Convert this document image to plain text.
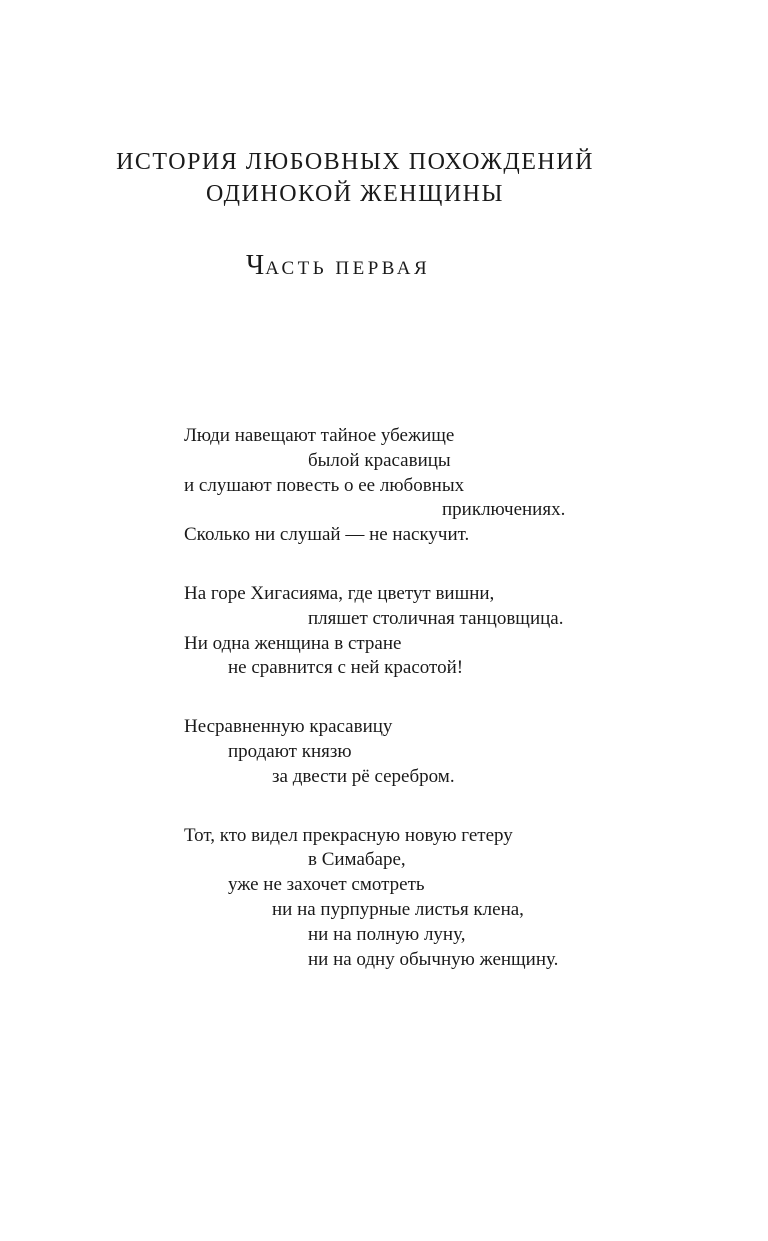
ИСТОРИЯ ЛЮБОВНЫХ ПОХОЖДЕНИЙ
ОДИНОКОЙ ЖЕНЩИНЫ
ЧАСТЬ ПЕРВАЯ
Люди навещают тайное убежище
былой красавицы
и слушают повесть о ее любовных
приключениях.
Сколько ни слушай — не наскучит.
На горе Хигасияма, где цветут вишни,
пляшет столичная танцовщица.
Ни одна женщина в стране
не сравнится с ней красотой!
Несравненную красавицу
продают князю
за двести рё серебром.
Тот, кто видел прекрасную новую гетеру
в Симабаре,
уже не захочет смотреть
ни на пурпурные листья клена,
ни на полную луну,
ни на одну обычную женщину.
